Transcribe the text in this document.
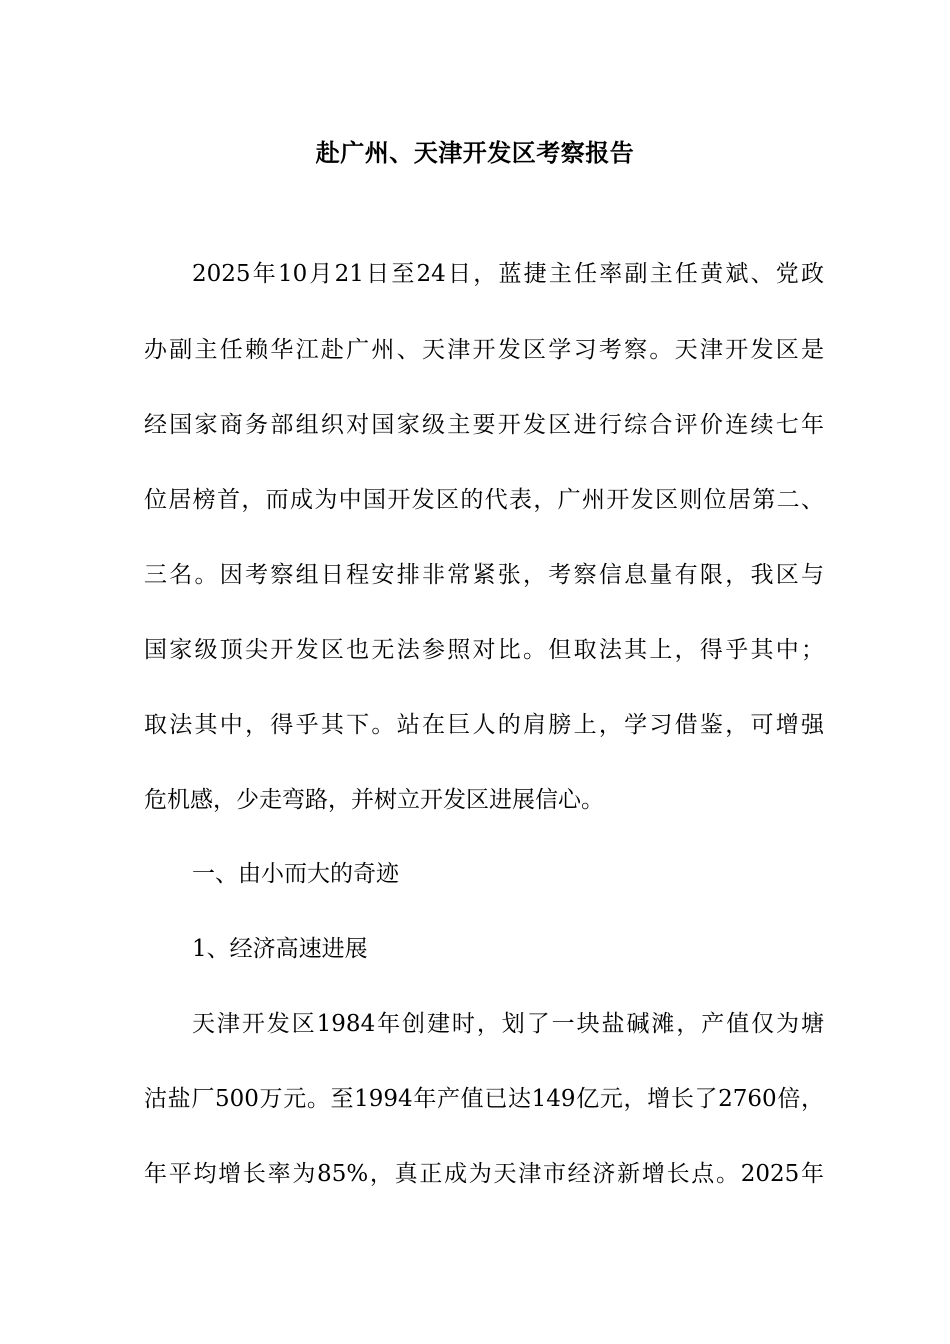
赴广州、天津开发区考察报告
2025年10月21日至24日，蓝捷主任率副主任黄斌、党政
办副主任赖华江赴广州、天津开发区学习考察。天津开发区是
经国家商务部组织对国家级主要开发区进行综合评价连续七年
位居榜首，而成为中国开发区的代表，广州开发区则位居第二、
三名。因考察组日程安排非常紧张，考察信息量有限，我区与
国家级顶尖开发区也无法参照对比。但取法其上，得乎其中；
取法其中，得乎其下。站在巨人的肩膀上，学习借鉴，可增强
危机感，少走弯路，并树立开发区进展信心。
一、由小而大的奇迹
1、经济高速进展
天津开发区1984年创建时，划了一块盐碱滩，产值仅为塘
沽盐厂500万元。至1994年产值已达149亿元，增长了2760倍，
年平均增长率为85%，真正成为天津市经济新增长点。2025年
